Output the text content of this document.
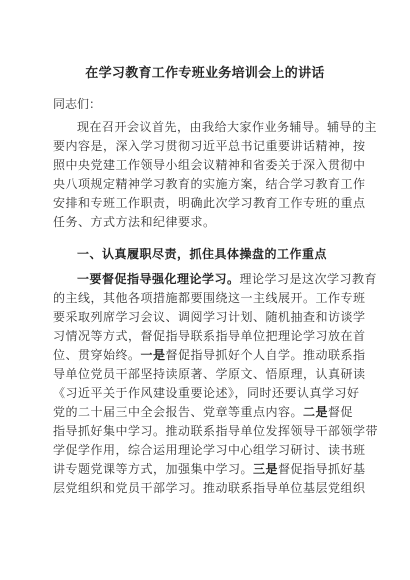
在学习教育工作专班业务培训会上的讲话
同志们：
现在召开会议首先，由我给大家作业务辅导。辅导的主
要内容是，深入学习贯彻习近平总书记重要讲话精神，按
照中央党建工作领导小组会议精神和省委关于深入贯彻中
央八项规定精神学习教育的实施方案，结合学习教育工作
安排和专班工作职责，明确此次学习教育工作专班的重点
任务、方式方法和纪律要求。
一、认真履职尽责，抓住具体操盘的工作重点
一要督促指导强化理论学习。理论学习是这次学习教育
的主线，其他各项措施都要围绕这一主线展开。工作专班
要采取列席学习会议、调阅学习计划、随机抽查和访谈学
习情况等方式，督促指导联系指导单位把理论学习放在首
位、贯穿始终。一是督促指导抓好个人自学。推动联系指
导单位党员干部坚持读原著、学原文、悟原理，认真研读
《习近平关于作风建设重要论述》，同时还要认真学习好
党的二十届三中全会报告、党章等重点内容。二是督促
指导抓好集中学习。推动联系指导单位发挥领导干部领学带
学促学作用，综合运用理论学习中心组学习研讨、读书班
讲专题党课等方式，加强集中学习。三是督促指导抓好基
层党组织和党员干部学习。推动联系指导单位基层党组织
